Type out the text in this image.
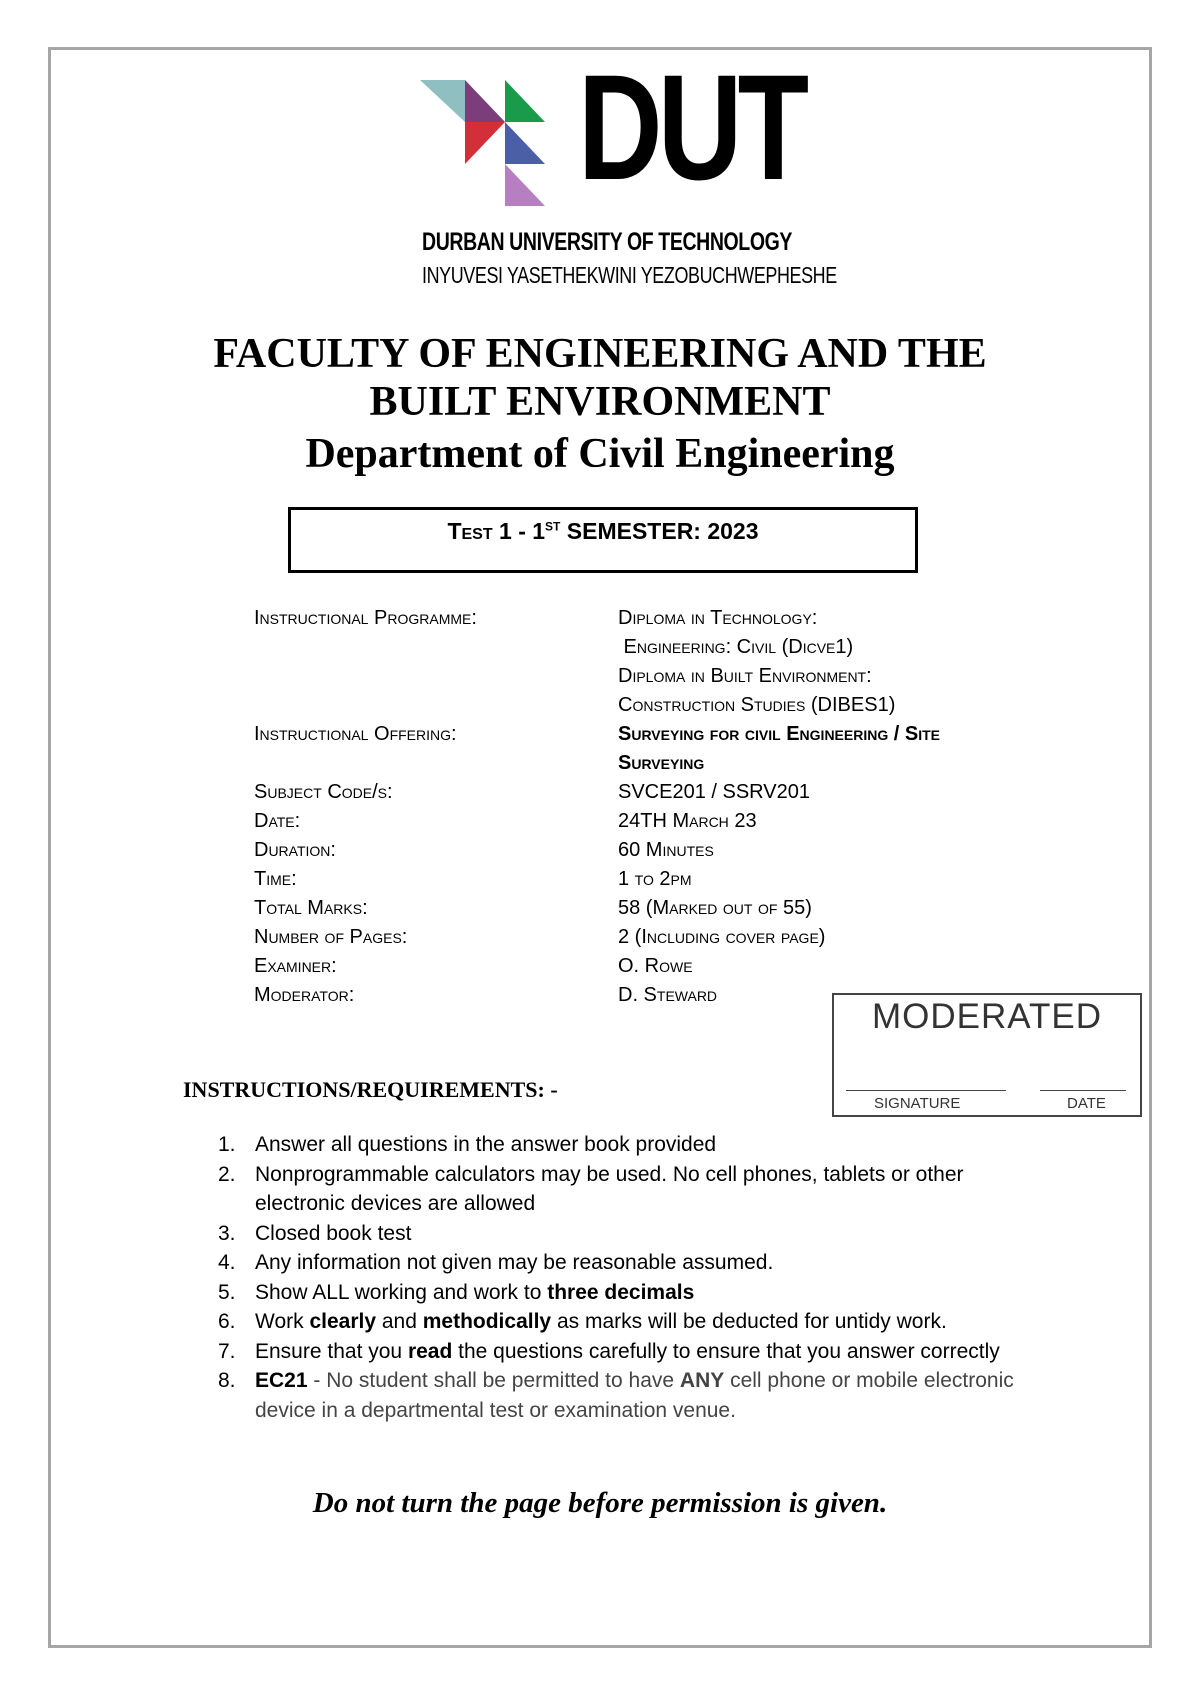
DUT
DURBAN UNIVERSITY OF TECHNOLOGY
INYUVESI YASETHEKWINI YEZOBUCHWEPHESHE
FACULTY OF ENGINEERING AND THE BUILT ENVIRONMENT
Department of Civil Engineering
Test 1 - 1ST SEMESTER: 2023
Instructional Programme:	Diploma in Technology:
Engineering: Civil (Dicve1)
Diploma in Built Environment:
Construction Studies (DIBES1)
Instructional Offering:	Surveying for civil Engineering / Site
Surveying
Subject Code/s:	SVCE201 / SSRV201
Date:	24TH March 23
Duration:	60 Minutes
Time:	1 to 2pm
Total Marks:	58 (Marked out of 55)
Number of Pages:	2 (Including cover page)
Examiner:	O. Rowe
Moderator:	D. Steward
MODERATED
SIGNATURE	DATE
INSTRUCTIONS/REQUIREMENTS: -
1. Answer all questions in the answer book provided
2. Nonprogrammable calculators may be used. No cell phones, tablets or other electronic devices are allowed
3. Closed book test
4. Any information not given may be reasonable assumed.
5. Show ALL working and work to three decimals
6. Work clearly and methodically as marks will be deducted for untidy work.
7. Ensure that you read the questions carefully to ensure that you answer correctly
8. EC21 - No student shall be permitted to have ANY cell phone or mobile electronic device in a departmental test or examination venue.
Do not turn the page before permission is given.
